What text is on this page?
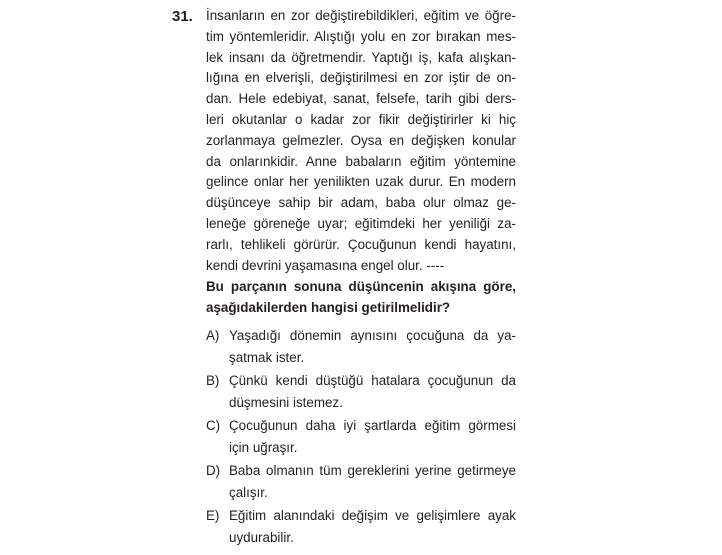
31. İnsanların en zor değiştirebildikleri, eğitim ve öğre-
tim yöntemleridir. Alıştığı yolu en zor bırakan mes-
lek insanı da öğretmendir. Yaptığı iş, kafa alışkan-
lığına en elverişli, değiştirilmesi en zor iştir de on-
dan. Hele edebiyat, sanat, felsefe, tarih gibi ders-
leri okutanlar o kadar zor fikir değiştirirler ki hiç
zorlanmaya gelmezler. Oysa en değişken konular
da onlarınkidir. Anne babaların eğitim yöntemine
gelince onlar her yenilikten uzak durur. En modern
düşünceye sahip bir adam, baba olur olmaz ge-
leneğe göreneğe uyar; eğitimdeki her yeniliği za-
rarlı, tehlikeli görürür. Çocuğunun kendi hayatını,
kendi devrini yaşamasına engel olur. ----
Bu parçanın sonuna düşüncenin akışına göre,
aşağıdakilerden hangisi getirilmelidir?
A) Yaşadığı dönemin aynısını çocuğuna da ya-
şatmak ister.
B) Çünkü kendi düştüğü hatalara çocuğunun da
düşmesini istemez.
C) Çocuğunun daha iyi şartlarda eğitim görmesi
için uğraşır.
D) Baba olmanın tüm gereklerini yerine getirmeye
çalışır.
E) Eğitim alanındaki değişim ve gelişimlere ayak
uydurabilir.
